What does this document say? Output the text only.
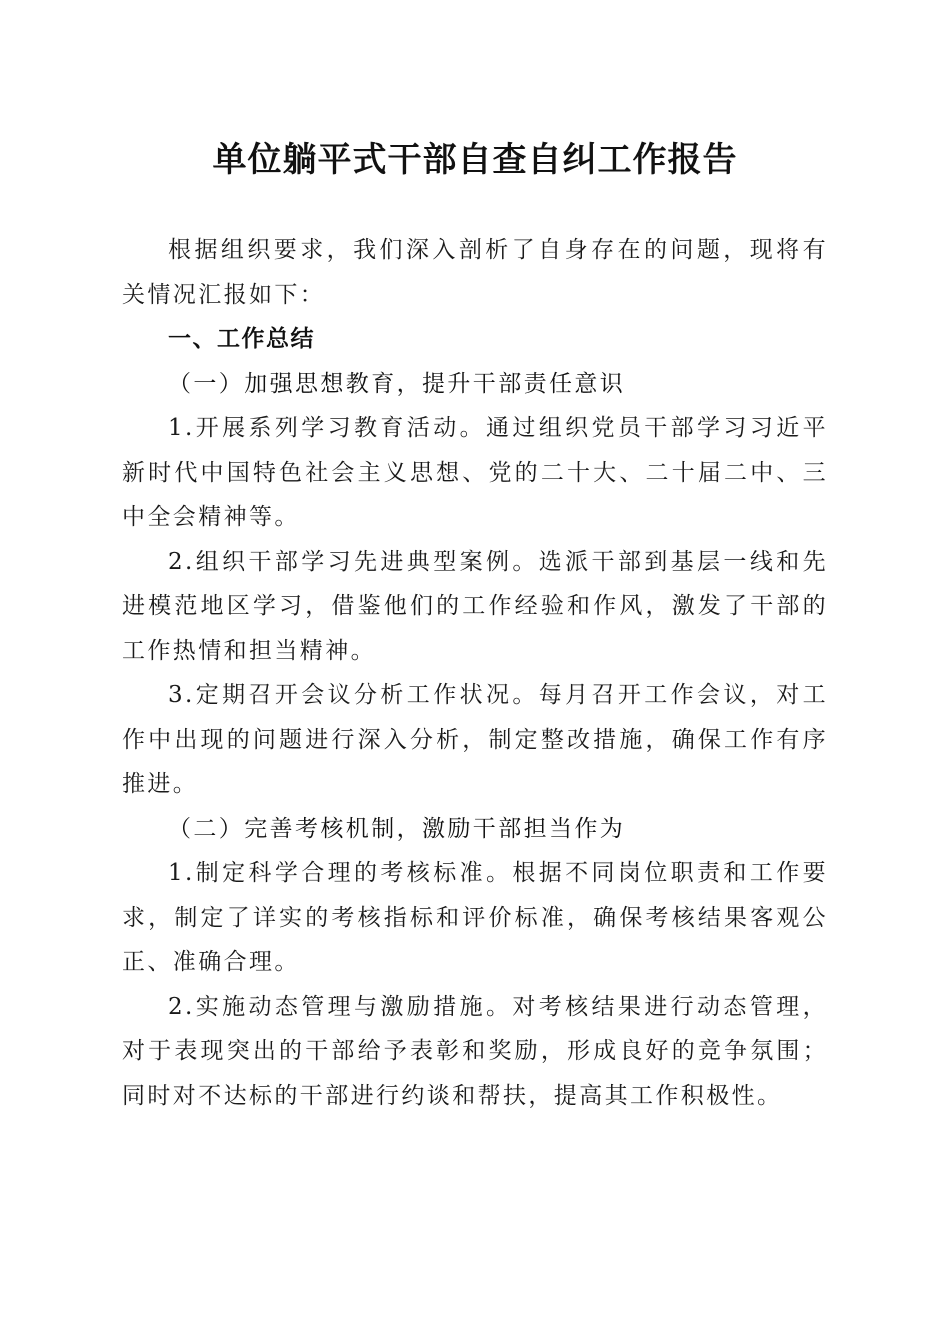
单位躺平式干部自查自纠工作报告

根据组织要求，我们深入剖析了自身存在的问题，现将有关情况汇报如下：

一、工作总结

（一）加强思想教育，提升干部责任意识

1.开展系列学习教育活动。通过组织党员干部学习习近平新时代中国特色社会主义思想、党的二十大、二十届二中、三中全会精神等。

2.组织干部学习先进典型案例。选派干部到基层一线和先进模范地区学习，借鉴他们的工作经验和作风，激发了干部的工作热情和担当精神。

3.定期召开会议分析工作状况。每月召开工作会议，对工作中出现的问题进行深入分析，制定整改措施，确保工作有序推进。

（二）完善考核机制，激励干部担当作为

1.制定科学合理的考核标准。根据不同岗位职责和工作要求，制定了详实的考核指标和评价标准，确保考核结果客观公正、准确合理。

2.实施动态管理与激励措施。对考核结果进行动态管理，对于表现突出的干部给予表彰和奖励，形成良好的竞争氛围；同时对不达标的干部进行约谈和帮扶，提高其工作积极性。
